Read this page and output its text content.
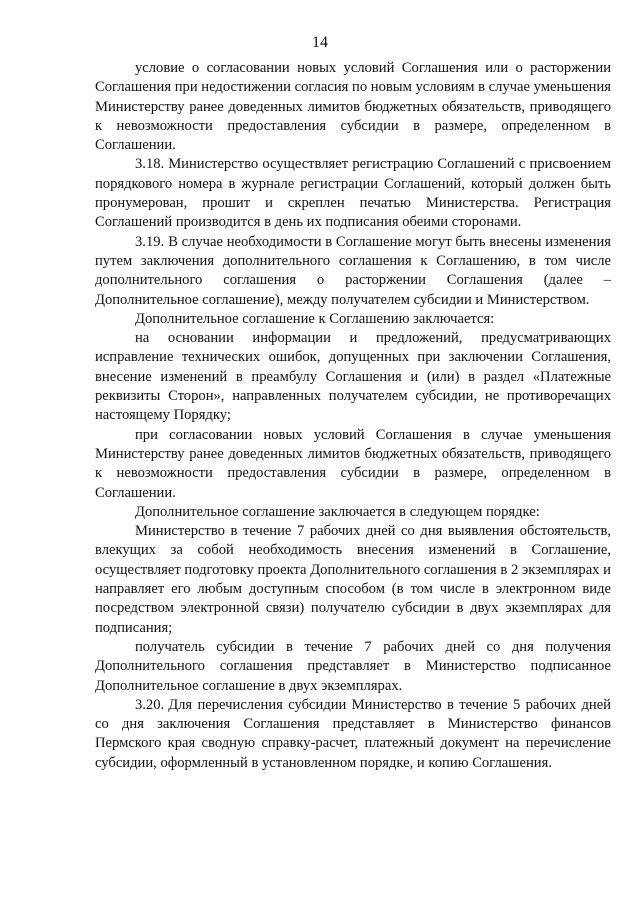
14

условие о согласовании новых условий Соглашения или о расторжении Соглашения при недостижении согласия по новым условиям в случае уменьшения Министерству ранее доведенных лимитов бюджетных обязательств, приводящего к невозможности предоставления субсидии в размере, определенном в Соглашении.

3.18. Министерство осуществляет регистрацию Соглашений с присвоением порядкового номера в журнале регистрации Соглашений, который должен быть пронумерован, прошит и скреплен печатью Министерства. Регистрация Соглашений производится в день их подписания обеими сторонами.

3.19. В случае необходимости в Соглашение могут быть внесены изменения путем заключения дополнительного соглашения к Соглашению, в том числе дополнительного соглашения о расторжении Соглашения (далее – Дополнительное соглашение), между получателем субсидии и Министерством.

Дополнительное соглашение к Соглашению заключается:

на основании информации и предложений, предусматривающих исправление технических ошибок, допущенных при заключении Соглашения, внесение изменений в преамбулу Соглашения и (или) в раздел «Платежные реквизиты Сторон», направленных получателем субсидии, не противоречащих настоящему Порядку;

при согласовании новых условий Соглашения в случае уменьшения Министерству ранее доведенных лимитов бюджетных обязательств, приводящего к невозможности предоставления субсидии в размере, определенном в Соглашении.

Дополнительное соглашение заключается в следующем порядке:

Министерство в течение 7 рабочих дней со дня выявления обстоятельств, влекущих за собой необходимость внесения изменений в Соглашение, осуществляет подготовку проекта Дополнительного соглашения в 2 экземплярах и направляет его любым доступным способом (в том числе в электронном виде посредством электронной связи) получателю субсидии в двух экземплярах для подписания;

получатель субсидии в течение 7 рабочих дней со дня получения Дополнительного соглашения представляет в Министерство подписанное Дополнительное соглашение в двух экземплярах.

3.20. Для перечисления субсидии Министерство в течение 5 рабочих дней со дня заключения Соглашения представляет в Министерство финансов Пермского края сводную справку-расчет, платежный документ на перечисление субсидии, оформленный в установленном порядке, и копию Соглашения.
